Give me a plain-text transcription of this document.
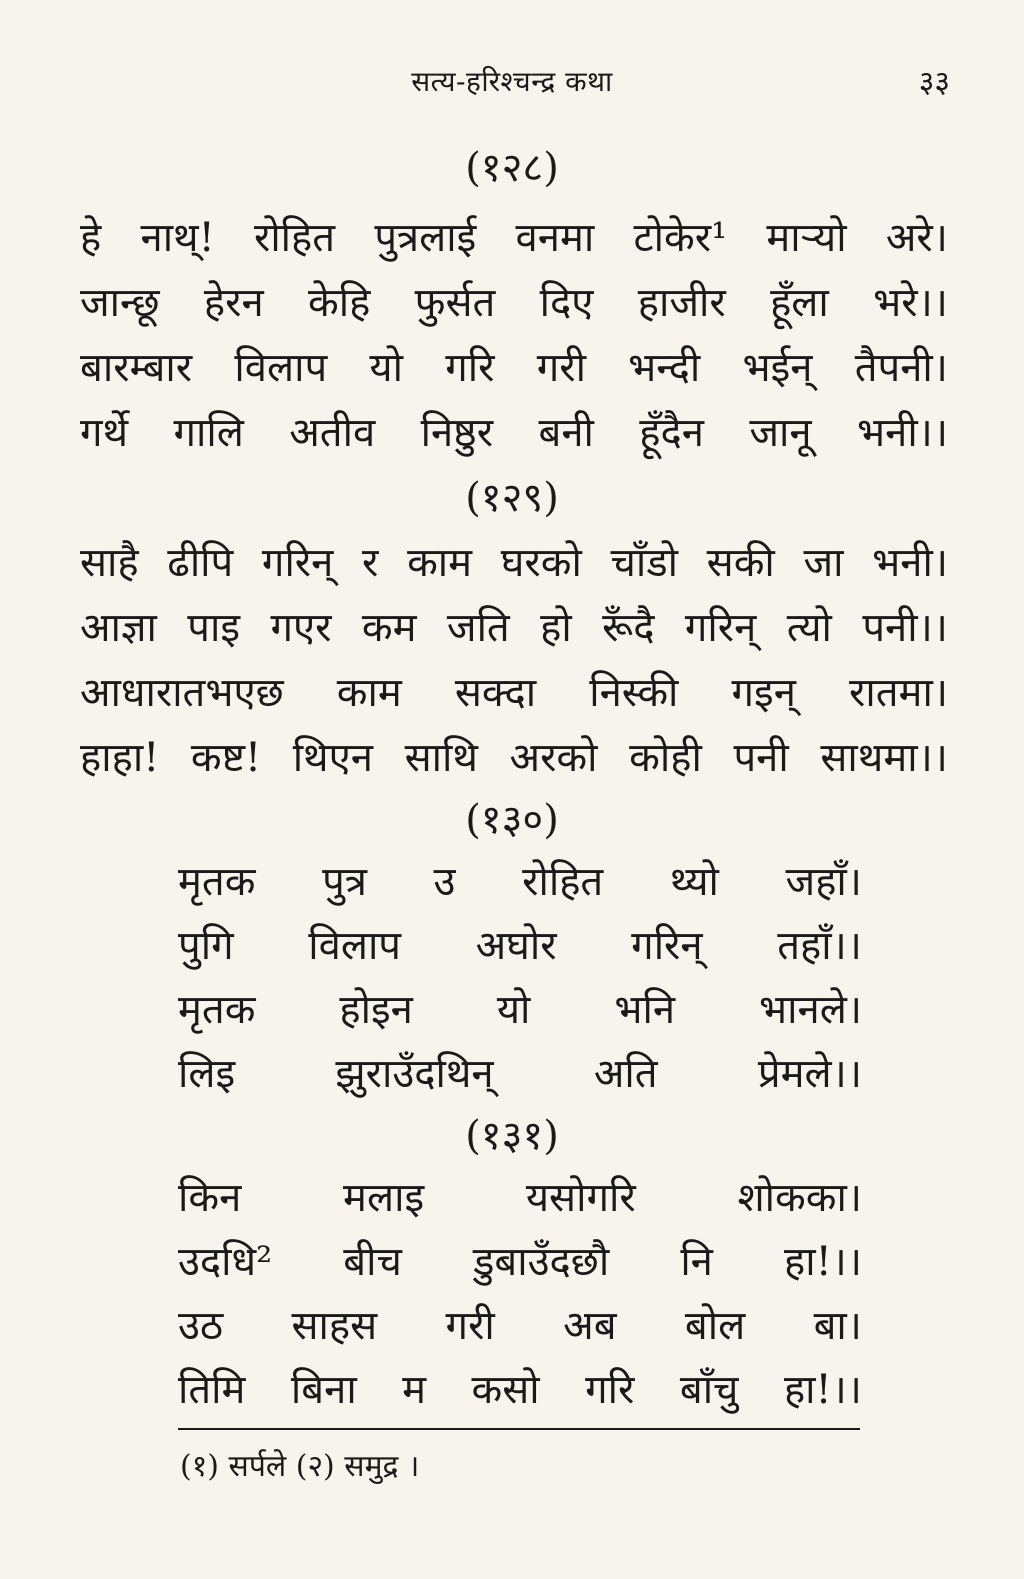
सत्य-हरिश्चन्द्र कथा	३३
(१२८)
हे नाथ्! रोहित पुत्रलाई वनमा टोकेर¹ माऱ्यो अरे।
जान्छू हेरन केहि फुर्सत दिए हाजीर हूँला भरे।।
बारम्बार विलाप यो गरि गरी भन्दी भईन् तैपनी।
गर्थे गालि अतीव निष्ठुर बनी हूँदैन जानू भनी।।
(१२९)
साहै ढीपि गरिन् र काम घरको चाँडो सकी जा भनी।
आज्ञा पाइ गएर कम जति हो रूँदै गरिन् त्यो पनी।।
आधारातभएछ काम सक्दा निस्की गइन् रातमा।
हाहा! कष्ट! थिएन साथि अरको कोही पनी साथमा।।
(१३०)
मृतक पुत्र उ रोहित थ्यो जहाँ।
पुगि विलाप अघोर गरिन् तहाँ।।
मृतक होइन यो भनि भानले।
लिइ	झुराउँदथिन्	अति	प्रेमले।।
(१३१)
किन	मलाइ	यसोगरि	शोकका।
उदधि² बीच डुबाउँदछौ नि हा!।।
उठ साहस गरी अब बोल बा।
तिमि बिना म कसो गरि बाँचु हा!।।
(१) सर्पले (२) समुद्र ।
